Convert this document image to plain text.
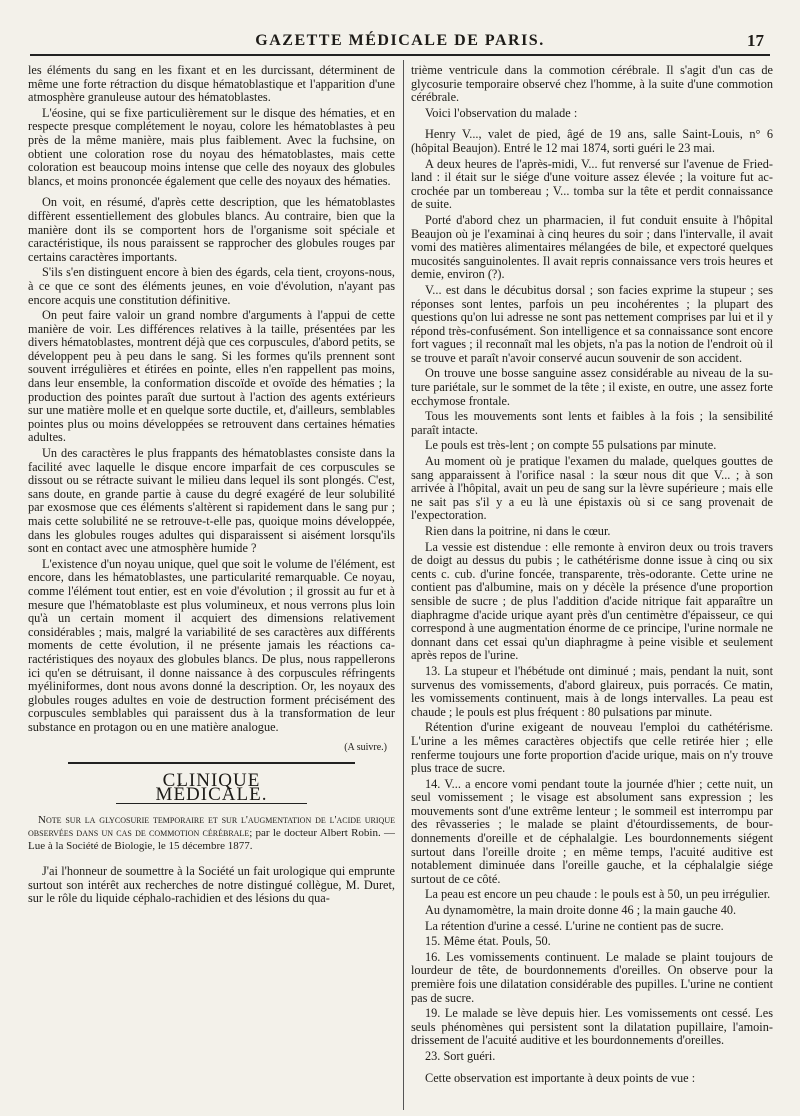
GAZETTE MÉDICALE DE PARIS.	17

les éléments du sang en les fixant et en les durcissant, déterminent de même une forte rétraction du disque hématoblastique et l'apparition d'une atmosphère granuleuse autour des hématoblastes.

L'éosine, qui se fixe particulièrement sur le disque des hématies, et en respecte presque complétement le noyau, colore les hématoblastes à peu près de la même manière, mais plus faiblement. Avec la fuchsine, on obtient une coloration rose du noyau des hématoblastes, mais cette coloration est beaucoup moins intense que celle des noyaux des globules blancs, et moins prononcée également que celle des noyaux des hématies.

On voit, en résumé, d'après cette description, que les hématoblastes diffèrent essentiellement des globules blancs. Au contraire, bien que la manière dont ils se comportent hors de l'organisme soit spéciale et caractéristique, ils nous paraissent se rapprocher des globules rouges par certains caractères importants.

S'ils s'en distinguent encore à bien des égards, cela tient, croyons-nous, à ce que ce sont des éléments jeunes, en voie d'évolution, n'ayant pas encore acquis une constitution définitive.

On peut faire valoir un grand nombre d'arguments à l'appui de cette manière de voir. Les différences relatives à la taille, présentées par les divers hématoblastes, montrent déjà que ces corpuscules, d'abord petits, se développent peu à peu dans le sang. Si les formes qu'ils prennent sont souvent irrégulières et étirées en pointe, elles n'en rappellent pas moins, dans leur ensemble, la conformation discoïde et ovoïde des hématies ; la production des pointes paraît due surtout à l'action des agents extérieurs sur une matière molle et en quelque sorte ductile, et, d'ailleurs, semblables pointes plus ou moins développées se retrouvent dans certaines hématies adultes.

Un des caractères le plus frappants des hématoblastes consiste dans la facilité avec laquelle le disque encore imparfait de ces corpuscules se dissout ou se rétracte suivant le milieu dans lequel ils sont plongés. C'est, sans doute, en grande partie à cause du degré exagéré de leur solubilité par exosmose que ces éléments s'altèrent si rapidement dans le sang pur ; mais cette solubilité ne se retrouve-t-elle pas, quoique moins développée, dans les globules rouges adultes qui disparaissent si aisément lorsqu'ils sont en contact avec une atmosphère humide ?

L'existence d'un noyau unique, quel que soit le volume de l'élément, est encore, dans les hématoblastes, une particularité remarquable. Ce noyau, comme l'élément tout entier, est en voie d'évolution ; il grossit au fur et à mesure que l'hématoblaste est plus volumineux, et nous verrons plus loin qu'à un certain moment il acquiert des dimensions relativement considérables ; mais, malgré la variabilité de ses caractères aux différents moments de cette évolution, il ne présente jamais les réactions caractéristiques des noyaux des globules blancs. De plus, nous rappellerons ici qu'en se détruisant, il donne naissance à des corpuscules réfringents myéliniformes, dont nous avons donné la description. Or, les noyaux des globules rouges adultes en voie de destruction forment précisément des corpuscules semblables qui paraissent dus à la transformation de leur substance en protagon ou en une matière analogue.

(A suivre.)
CLINIQUE MÉDICALE.
Note sur la glycosurie temporaire et sur l'augmentation de l'acide urique observées dans un cas de commotion cérébrale; par le docteur Albert Robin. — Lue à la Société de Biologie, le 15 décembre 1877.

J'ai l'honneur de soumettre à la Société un fait urologique qui emprunte surtout son intérêt aux recherches de notre distingué collègue, M. Duret, sur le rôle du liquide céphalo-rachidien et des lésions du qua-

trième ventricule dans la commotion cérébrale. Il s'agit d'un cas de glycosurie temporaire observé chez l'homme, à la suite d'une commotion cérébrale.

Voici l'observation du malade :

Henry V..., valet de pied, âgé de 19 ans, salle Saint-Louis, n° 6 (hôpital Beaujon). Entré le 12 mai 1874, sorti guéri le 23 mai.

A deux heures de l'après-midi, V... fut renversé sur l'avenue de Friedland : il était sur le siége d'une voiture assez élevée ; la voiture fut accrochée par un tombereau ; V... tomba sur la tête et perdit connaissance de suite.

Porté d'abord chez un pharmacien, il fut conduit ensuite à l'hôpital Beaujon où je l'examinai à cinq heures du soir ; dans l'intervalle, il avait vomi des matières alimentaires mélangées de bile, et expectoré quelques mucosités sanguinolentes. Il avait repris connaissance vers trois heures et demie, environ (?).

V... est dans le décubitus dorsal ; son facies exprime la stupeur ; ses réponses sont lentes, parfois un peu incohérentes ; la plupart des questions qu'on lui adresse ne sont pas nettement comprises par lui et il y répond très-confusément. Son intelligence et sa connaissance sont encore fort vagues ; il reconnaît mal les objets, n'a pas la notion de l'endroit où il se trouve et paraît n'avoir conservé aucun souvenir de son accident.

On trouve une bosse sanguine assez considérable au niveau de la suture pariétale, sur le sommet de la tête ; il existe, en outre, une assez forte ecchymose frontale.

Tous les mouvements sont lents et faibles à la fois ; la sensibilité paraît intacte.

Le pouls est très-lent ; on compte 55 pulsations par minute.

Au moment où je pratique l'examen du malade, quelques gouttes de sang apparaissent à l'orifice nasal : la sœur nous dit que V... ; à son arrivée à l'hôpital, avait un peu de sang sur la lèvre supérieure ; mais elle ne sait pas s'il y a eu là une épistaxis où si ce sang provenait de l'expectoration.

Rien dans la poitrine, ni dans le cœur.

La vessie est distendue : elle remonte à environ deux ou trois travers de doigt au dessus du pubis ; le cathétérisme donne issue à cinq ou six cents c. cub. d'urine foncée, transparente, très-odorante. Cette urine ne contient pas d'albumine, mais on y décèle la présence d'une proportion sensible de sucre ; de plus l'addition d'acide nitrique fait apparaître un diaphragme d'acide urique ayant près d'un centimètre d'épaisseur, ce qui correspond à une augmentation énorme de ce principe, l'urine normale ne donnant dans cet essai qu'un diaphragme à peine visible et seulement après repos de l'urine.

13. La stupeur et l'hébétude ont diminué ; mais, pendant la nuit, sont survenus des vomissements, d'abord glaireux, puis porracés. Ce matin, les vomissements continuent, mais à de longs intervalles. La peau est chaude ; le pouls est plus fréquent : 80 pulsations par minute.

Rétention d'urine exigeant de nouveau l'emploi du cathétérisme. L'urine a les mêmes caractères objectifs que celle retirée hier ; elle renferme toujours une forte proportion d'acide urique, mais on n'y trouve plus trace de sucre.

14. V... a encore vomi pendant toute la journée d'hier ; cette nuit, un seul vomissement ; le visage est absolument sans expression ; les mouvements sont d'une extrême lenteur ; le sommeil est interrompu par des rêvasseries ; le malade se plaint d'étourdissements, de bourdonnements d'oreille et de céphalalgie. Les bourdonnements siégent surtout dans l'oreille droite ; en même temps, l'acuité auditive est notablement diminuée dans l'oreille gauche, et la céphalalgie siége surtout de ce côté.

La peau est encore un peu chaude : le pouls est à 50, un peu irrégulier.

Au dynamomètre, la main droite donne 46 ; la main gauche 40.

La rétention d'urine a cessé. L'urine ne contient pas de sucre.

15. Même état. Pouls, 50.

16. Les vomissements continuent. Le malade se plaint toujours de lourdeur de tête, de bourdonnements d'oreilles. On observe pour la première fois une dilatation considérable des pupilles. L'urine ne contient pas de sucre.

19. Le malade se lève depuis hier. Les vomissements ont cessé. Les seuls phénomènes qui persistent sont la dilatation pupillaire, l'amoindrissement de l'acuité auditive et les bourdonnements d'oreilles.

23. Sort guéri.

Cette observation est importante à deux points de vue :
